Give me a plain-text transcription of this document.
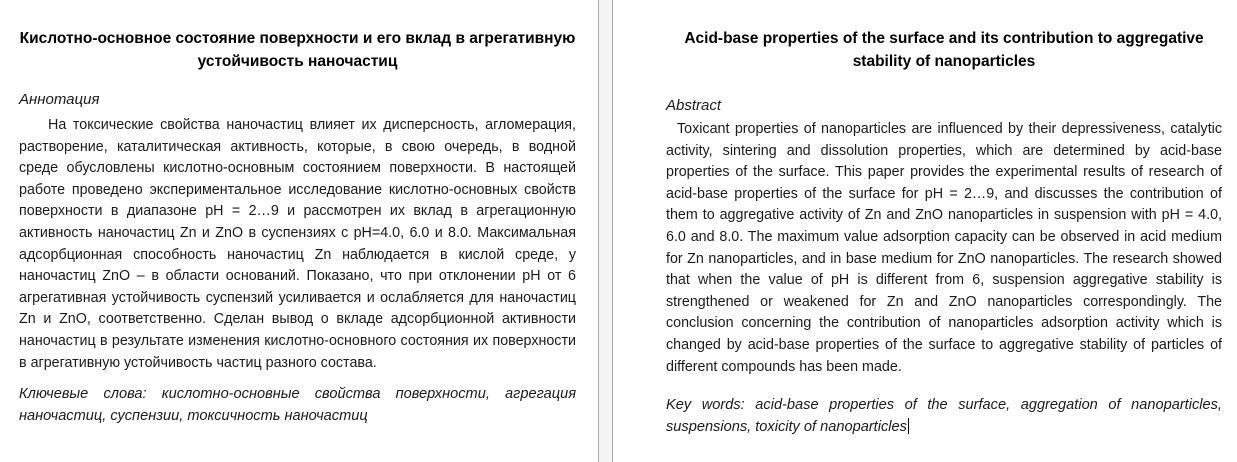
Кислотно-основное состояние поверхности и его вклад в агрегативную устойчивость наночастиц

Аннотация

На токсические свойства наночастиц влияет их дисперсность, агломерация, растворение, каталитическая активность, которые, в свою очередь, в водной среде обусловлены кислотно-основным состоянием поверхности. В настоящей работе проведено экспериментальное исследование кислотно-основных свойств поверхности в диапазоне pH = 2…9 и рассмотрен их вклад в агрегационную активность наночастиц Zn и ZnO в суспензиях с pH=4.0, 6.0 и 8.0. Максимальная адсорбционная способность наночастиц Zn наблюдается в кислой среде, у наночастиц ZnO – в области оснований. Показано, что при отклонении pH от 6 агрегативная устойчивость суспензий усиливается и ослабляется для наночастиц Zn и ZnO, соответственно. Сделан вывод о вкладе адсорбционной активности наночастиц в результате изменения кислотно-основного состояния их поверхности в агрегативную устойчивость частиц разного состава.

Ключевые слова: кислотно-основные свойства поверхности, агрегация наночастиц, суспензии, токсичность наночастиц

Acid-base properties of the surface and its contribution to aggregative stability of nanoparticles

Abstract

Toxicant properties of nanoparticles are influenced by their depressiveness, catalytic activity, sintering and dissolution properties, which are determined by acid-base properties of the surface. This paper provides the experimental results of research of acid-base properties of the surface for pH = 2…9, and discusses the contribution of them to aggregative activity of Zn and ZnO nanoparticles in suspension with pH = 4.0, 6.0 and 8.0. The maximum value adsorption capacity can be observed in acid medium for Zn nanoparticles, and in base medium for ZnO nanoparticles. The research showed that when the value of pH is different from 6, suspension aggregative stability is strengthened or weakened for Zn and ZnO nanoparticles correspondingly. The conclusion concerning the contribution of nanoparticles adsorption activity which is changed by acid-base properties of the surface to aggregative stability of particles of different compounds has been made.

Key words: acid-base properties of the surface, aggregation of nanoparticles, suspensions, toxicity of nanoparticles
